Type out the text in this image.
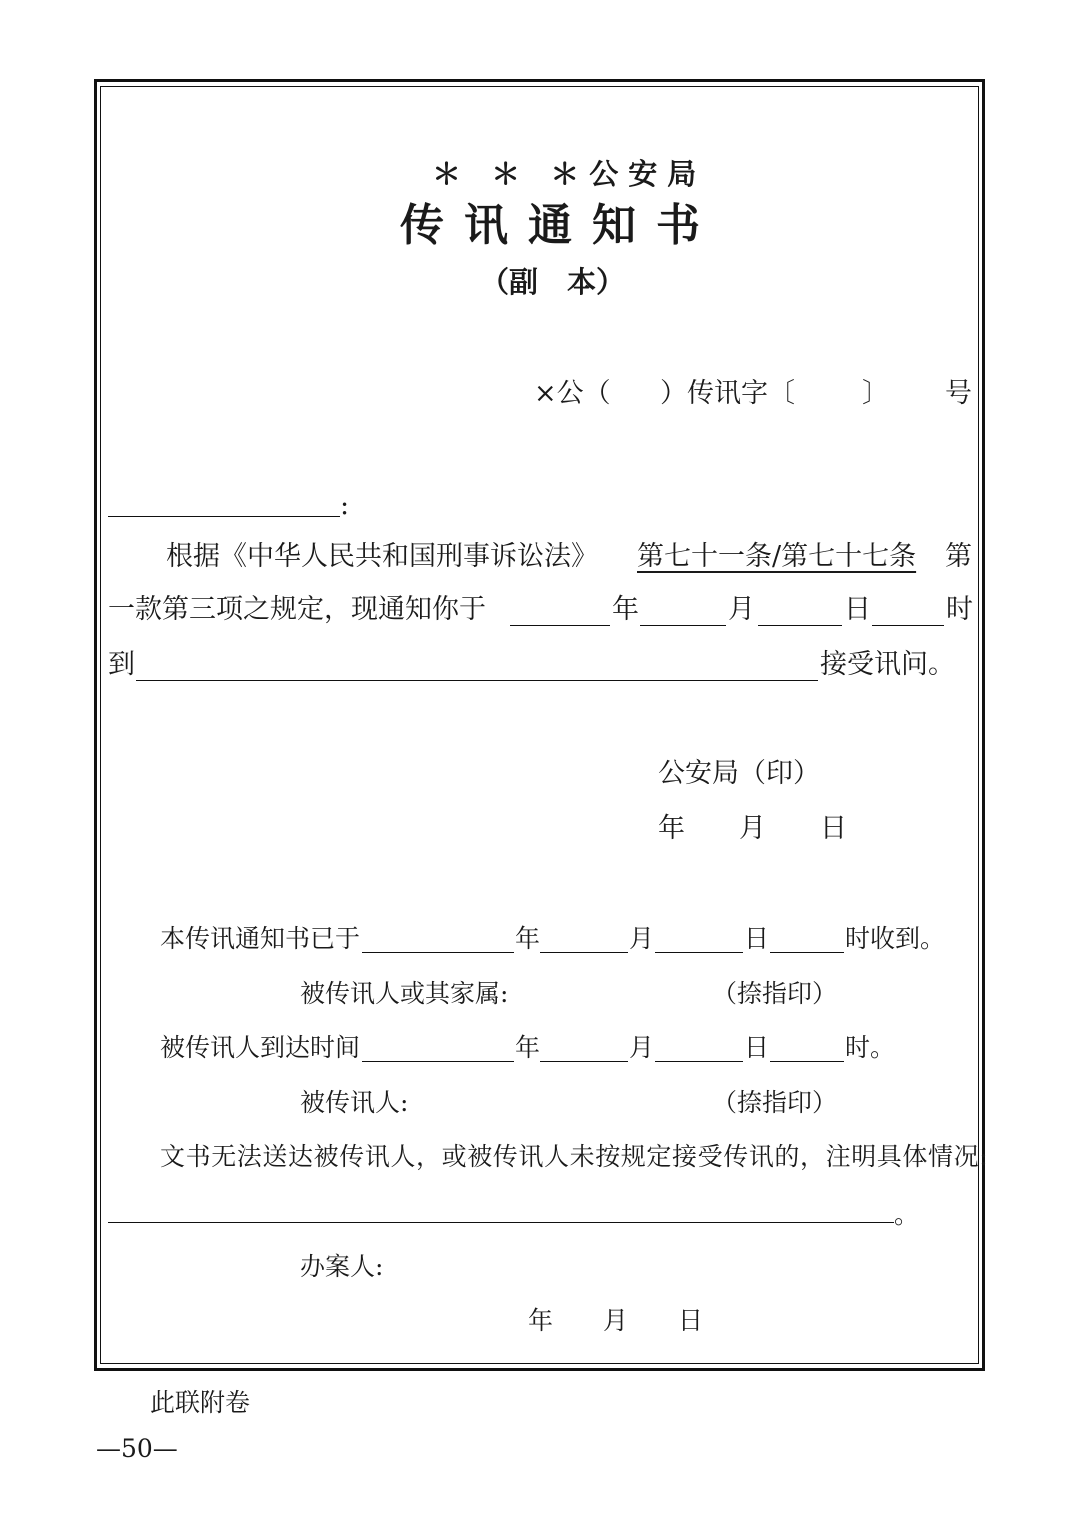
＊ ＊ ＊公安局
传讯通知书
（副　本）
×公（ ）传讯字〔 〕 号
:
根据《中华人民共和国刑事诉讼法》 第七十一条/第七十七条 第
一款第三项之规定，现通知你于	年	月	日	时
到	接受讯问。
公安局（印）
年　　月　　日
本传讯通知书已于	年	月	日	时收到。
被传讯人或其家属:	（捺指印）
被传讯人到达时间	年	月	日	时。
被传讯人:	（捺指印）
文书无法送达被传讯人，或被传讯人未按规定接受传讯的，注明具体情况:
。
办案人:
年　　月　　日
此联附卷
—50—
